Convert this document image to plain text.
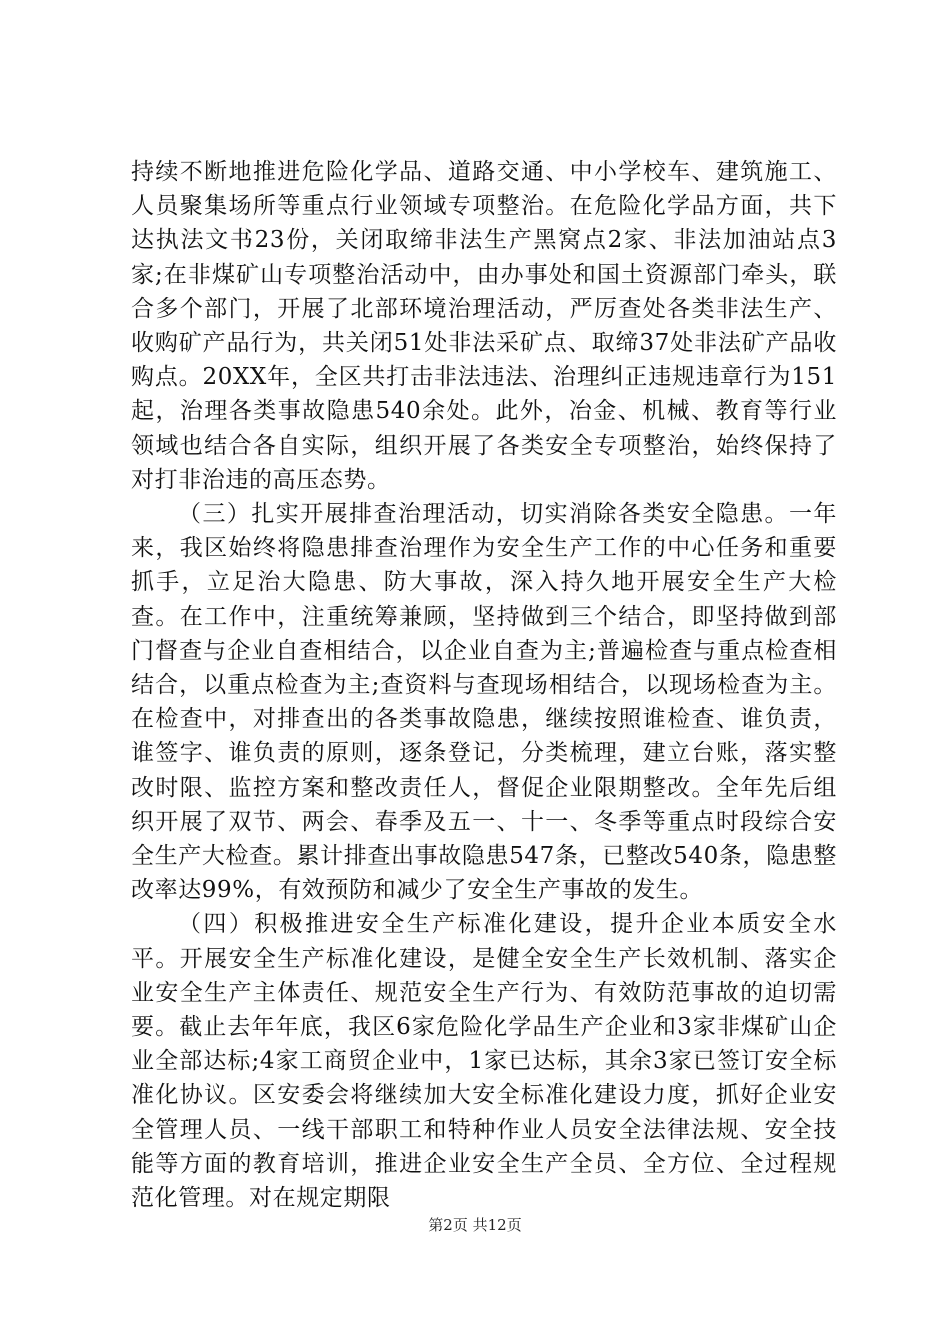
持续不断地推进危险化学品、道路交通、中小学校车、建筑施工、人员聚集场所等重点行业领域专项整治。在危险化学品方面，共下达执法文书23份，关闭取缔非法生产黑窝点2家、非法加油站点3家;在非煤矿山专项整治活动中，由办事处和国土资源部门牵头，联合多个部门，开展了北部环境治理活动，严厉查处各类非法生产、收购矿产品行为，共关闭51处非法采矿点、取缔37处非法矿产品收购点。20XX年，全区共打击非法违法、治理纠正违规违章行为151起，治理各类事故隐患540余处。此外，冶金、机械、教育等行业领域也结合各自实际，组织开展了各类安全专项整治，始终保持了对打非治违的高压态势。

（三）扎实开展排查治理活动，切实消除各类安全隐患。一年来，我区始终将隐患排查治理作为安全生产工作的中心任务和重要抓手，立足治大隐患、防大事故，深入持久地开展安全生产大检查。在工作中，注重统筹兼顾，坚持做到三个结合，即坚持做到部门督查与企业自查相结合，以企业自查为主;普遍检查与重点检查相结合，以重点检查为主;查资料与查现场相结合，以现场检查为主。在检查中，对排查出的各类事故隐患，继续按照谁检查、谁负责，谁签字、谁负责的原则，逐条登记，分类梳理，建立台账，落实整改时限、监控方案和整改责任人，督促企业限期整改。全年先后组织开展了双节、两会、春季及五一、十一、冬季等重点时段综合安全生产大检查。累计排查出事故隐患547条，已整改540条，隐患整改率达99%，有效预防和减少了安全生产事故的发生。

（四）积极推进安全生产标准化建设，提升企业本质安全水平。开展安全生产标准化建设，是健全安全生产长效机制、落实企业安全生产主体责任、规范安全生产行为、有效防范事故的迫切需要。截止去年年底，我区6家危险化学品生产企业和3家非煤矿山企业全部达标;4家工商贸企业中，1家已达标，其余3家已签订安全标准化协议。区安委会将继续加大安全标准化建设力度，抓好企业安全管理人员、一线干部职工和特种作业人员安全法律法规、安全技能等方面的教育培训，推进企业安全生产全员、全方位、全过程规范化管理。对在规定期限

第2页 共12页
